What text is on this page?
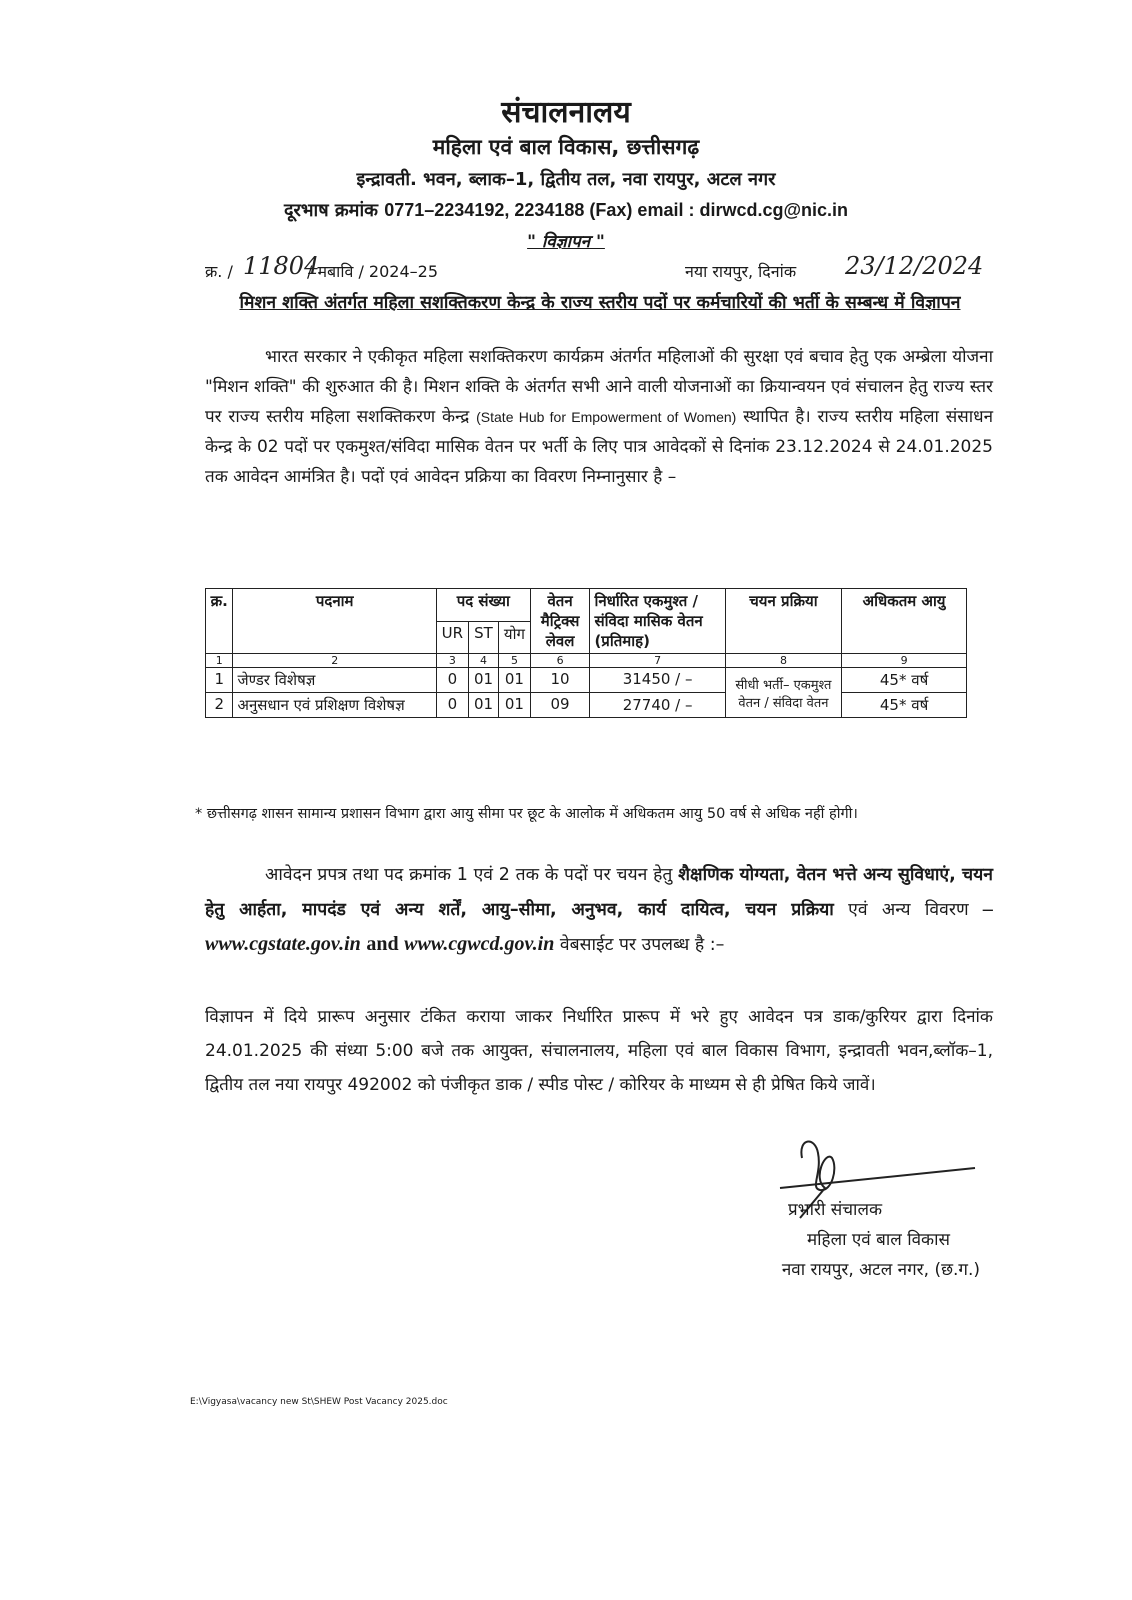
संचालनालय
महिला एवं बाल विकास, छत्तीसगढ़
इन्द्रावती. भवन, ब्लाक–1, द्वितीय तल, नवा रायपुर, अटल नगर
दूरभाष क्रमांक 0771–2234192, 2234188 (Fax) email : dirwcd.cg@nic.in
" विज्ञापन "
क्र. / 11804
/ मबावि / 2024–25	नया रायपुर, दिनांक 23/12/2024
मिशन शक्ति अंतर्गत महिला सशक्तिकरण केन्द्र के राज्य स्तरीय पदों पर कर्मचारियों की भर्ती के सम्बन्ध में विज्ञापन
भारत सरकार ने एकीकृत महिला सशक्तिकरण कार्यक्रम अंतर्गत महिलाओं की सुरक्षा एवं बचाव हेतु एक अम्ब्रेला योजना "मिशन शक्ति" की शुरुआत की है। मिशन शक्ति के अंतर्गत सभी आने वाली योजनाओं का क्रियान्वयन एवं संचालन हेतु राज्य स्तर पर राज्य स्तरीय महिला सशक्तिकरण केन्द्र (State Hub for Empowerment of Women) स्थापित है। राज्य स्तरीय महिला संसाधन केन्द्र के 02 पदों पर एकमुश्त/संविदा मासिक वेतन पर भर्ती के लिए पात्र आवेदकों से दिनांक 23.12.2024 से 24.01.2025 तक आवेदन आमंत्रित है। पदों एवं आवेदन प्रक्रिया का विवरण निम्नानुसार है –
क्र.	पदनाम	पद संख्या			वेतन मैट्रिक्स लेवल	निर्धारित एकमुश्त / संविदा मासिक वेतन (प्रतिमाह)	चयन प्रक्रिया	अधिकतम आयु
		UR	ST	योग				
1	2	3	4	5	6	7	8	9
1	जेण्डर विशेषज्ञ	0	01	01	10	31450 / –	सीधी भर्ती– एकमुश्त वेतन / संविदा वेतन	45* वर्ष
2	अनुसधान एवं प्रशिक्षण विशेषज्ञ	0	01	01	09	27740 / –		45* वर्ष
* छत्तीसगढ़ शासन सामान्य प्रशासन विभाग द्वारा आयु सीमा पर छूट के आलोक में अधिकतम आयु 50 वर्ष से अधिक नहीं होगी।
आवेदन प्रपत्र तथा पद क्रमांक 1 एवं 2 तक के पदों पर चयन हेतु शैक्षणिक योग्यता, वेतन भत्ते अन्य सुविधाएं, चयन हेतु आर्हता, मापदंड एवं अन्य शर्तें, आयु–सीमा, अनुभव, कार्य दायित्व, चयन प्रक्रिया एवं अन्य विवरण –www.cgstate.gov.in and www.cgwcd.gov.in वेबसाईट पर उपलब्ध है :–
विज्ञापन में दिये प्रारूप अनुसार टंकित कराया जाकर निर्धारित प्रारूप में भरे हुए आवेदन पत्र डाक/कुरियर द्वारा दिनांक 24.01.2025 की संध्या 5:00 बजे तक आयुक्त, संचालनालय, महिला एवं बाल विकास विभाग, इन्द्रावती भवन,ब्लॉक–1, द्वितीय तल नया रायपुर 492002 को पंजीकृत डाक / स्पीड पोस्ट / कोरियर के माध्यम से ही प्रेषित किये जावें।
प्रभारी संचालक
महिला एवं बाल विकास
नवा रायपुर, अटल नगर, (छ.ग.)
E:\Vigyasa\vacancy new St\SHEW Post Vacancy 2025.doc
